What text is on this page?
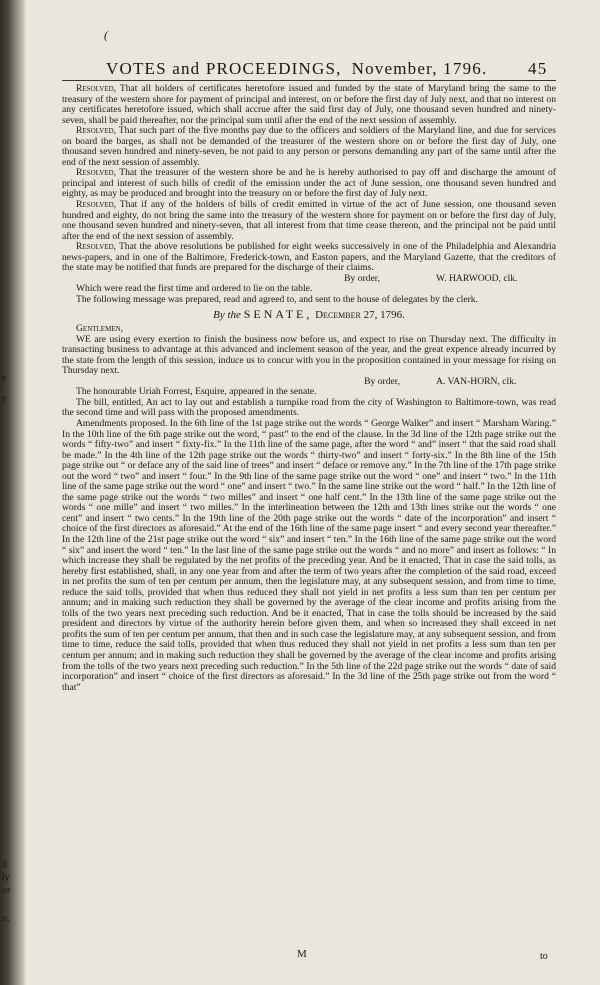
e
y
d
ly
or
o,
(
VOTES and PROCEEDINGS, November, 1796. 45

Resolved, That all holders of certificates heretofore issued and funded by the state of Maryland bring the same to the treasury of the western shore for payment of principal and interest, on or before the first day of July next, and that no interest on any certificates heretofore issued, which shall accrue after the said first day of July, one thousand seven hundred and ninety-seven, shall be paid thereafter, nor the principal sum until after the end of the next session of assembly.

Resolved, That such part of the five months pay due to the officers and soldiers of the Maryland line, and due for services on board the barges, as shall not be demanded of the treasurer of the western shore on or before the first day of July, one thousand seven hundred and ninety-seven, be not paid to any person or persons demanding any part of the same until after the end of the next session of assembly.

Resolved, That the treasurer of the western shore be and he is hereby authorised to pay off and discharge the amount of principal and interest of such bills of credit of the emission under the act of June session, one thousand seven hundred and eighty, as may be produced and brought into the treasury on or before the first day of July next.

Resolved, That if any of the holders of bills of credit emitted in virtue of the act of June session, one thousand seven hundred and eighty, do not bring the same into the treasury of the western shore for payment on or before the first day of July, one thousand seven hundred and ninety-seven, that all interest from that time cease thereon, and the principal not be paid until after the end of the next session of assembly.

Resolved, That the above resolutions be published for eight weeks successively in one of the Philadelphia and Alexandria news-papers, and in one of the Baltimore, Frederick-town, and Easton papers, and the Maryland Gazette, that the creditors of the state may be notified that funds are prepared for the discharge of their claims.

By order,	W. HARWOOD, clk.

Which were read the first time and ordered to lie on the table.

The following message was prepared, read and agreed to, and sent to the house of delegates by the clerk.

By the SENATE, December 27, 1796.

Gentlemen,

WE are using every exertion to finish the business now before us, and expect to rise on Thursday next. The difficulty in transacting business to advantage at this advanced and inclement season of the year, and the great expence already incurred by the state from the length of this session, induce us to concur with you in the proposition contained in your message for rising on Thursday next.

By order,	A. VAN-HORN, clk.

The honourable Uriah Forrest, Esquire, appeared in the senate.

The bill, entitled, An act to lay out and establish a turnpike road from the city of Washington to Baltimore-town, was read the second time and will pass with the proposed amendments.

Amendments proposed. In the 6th line of the 1st page strike out the words “ George Walker” and insert “ Marsham Waring.” In the 10th line of the 6th page strike out the word, “ past” to the end of the clause. In the 3d line of the 12th page strike out the words “ fifty-two” and insert “ fixty-fix.” In the 11th line of the same page, after the word “ and” insert “ that the said road shall be made.” In the 4th line of the 12th page strike out the words “ thirty-two” and insert “ forty-six.” In the 8th line of the 15th page strike out “ or deface any of the said line of trees” and insert “ deface or remove any.” In the 7th line of the 17th page strike out the word “ two” and insert “ four.” In the 9th line of the same page strike out the word “ one” and insert “ two.” In the 11th line of the same page strike out the word “ one” and insert “ two.” In the same line strike out the word “ half.” In the 12th line of the same page strike out the words “ two milles” and insert “ one half cent.” In the 13th line of the same page strike out the words “ one mille” and insert “ two milles.” In the interlineation between the 12th and 13th lines strike out the words “ one cent” and insert “ two cents.” In the 19th line of the 20th page strike out the words “ date of the incorporation” and insert “ choice of the first directors as aforesaid.” At the end of the 16th line of the same page insert “ and every second year thereafter.” In the 12th line of the 21st page strike out the word “ six” and insert “ ten.” In the 16th line of the same page strike out the word “ six” and insert the word “ ten.” In the last line of the same page strike out the words “ and no more” and insert as follows: “ In which increase they shall be regulated by the net profits of the preceding year. And be it enacted, That in case the said tolls, as hereby first established, shall, in any one year from and after the term of two years after the completion of the said road, exceed in net profits the sum of ten per centum per annum, then the legislature may, at any subsequent session, and from time to time, reduce the said tolls, provided that when thus reduced they shall not yield in net profits a less sum than ten per centum per annum; and in making such reduction they shall be governed by the average of the clear income and profits arising from the tolls of the two years next preceding such reduction. And be it enacted, That in case the tolls should be increased by the said president and directors by virtue of the authority herein before given them, and when so increased they shall exceed in net profits the sum of ten per centum per annum, that then and in such case the legislature may, at any subsequent session, and from time to time, reduce the said tolls, provided that when thus reduced they shall not yield in net profits a less sum than ten per centum per annum; and in making such reduction they shall be governed by the average of the clear income and profits arising from the tolls of the two years next preceding such reduction.” In the 5th line of the 22d page strike out the words “ date of said incorporation” and insert “ choice of the first directors as aforesaid.” In the 3d line of the 25th page strike out from the word “ that”

M	to
